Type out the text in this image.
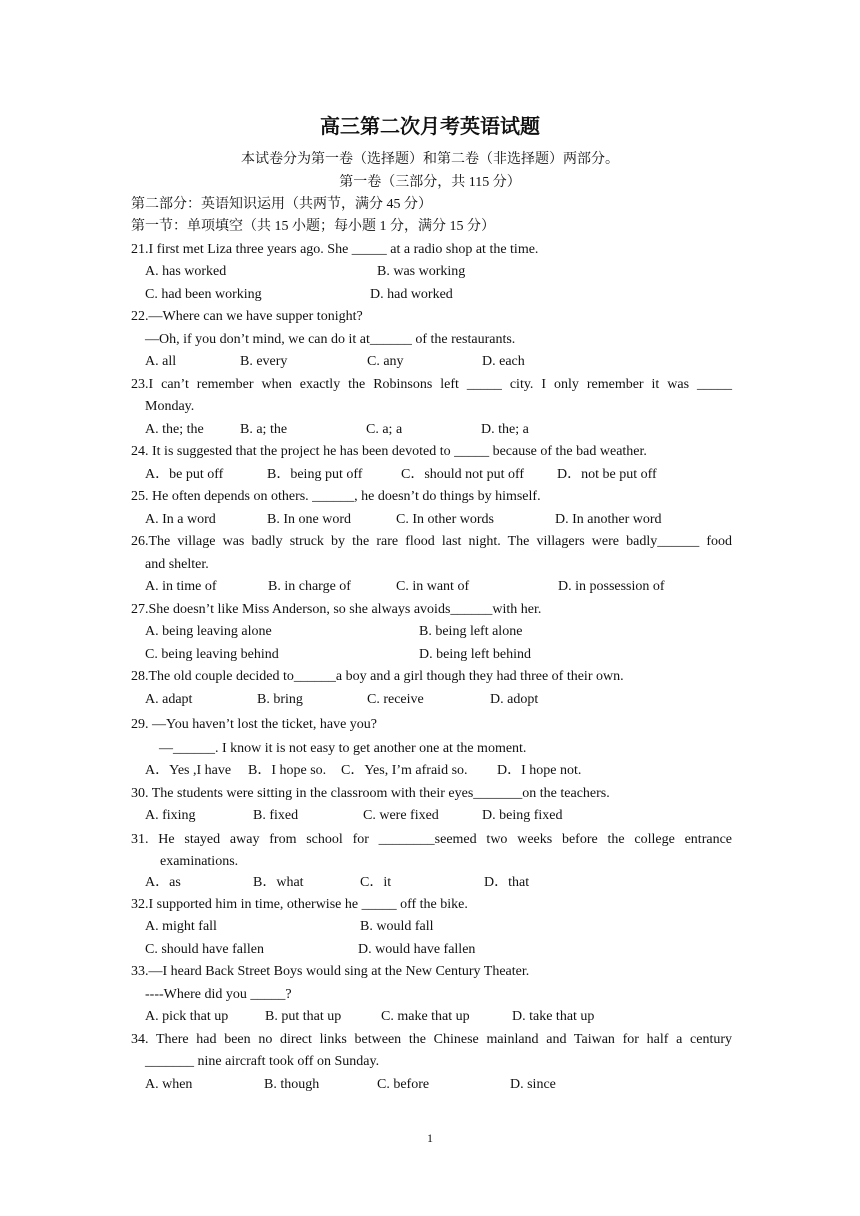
高三第二次月考英语试题
本试卷分为第一卷（选择题）和第二卷（非选择题）两部分。
第一卷（三部分，共 115 分）
第二部分：英语知识运用（共两节，满分 45 分）
第一节：单项填空（共 15 小题；每小题 1 分，满分 15 分）
21.I first met Liza three years ago. She _____ at a radio shop at the time.
A. has worked	B. was working
C. had been working	D. had worked
22.—Where can we have supper tonight?
—Oh, if you don’t mind, we can do it at______ of the restaurants.
A. all	B. every	C. any	D. each
23.I can’t remember when exactly the Robinsons left _____ city. I only remember it was _____
Monday.
A. the; the	B. a; the	C. a; a	D. the; a
24. It is suggested that the project he has been devoted to _____ because of the bad weather.
A．be put off	B．being put off	C．should not put off D．not be put off
25. He often depends on others. ______, he doesn’t do things by himself.
A. In a word	B. In one word	C. In other words	D. In another word
26.The village was badly struck by the rare flood last night. The villagers were badly______ food
and shelter.
A. in time of	B. in charge of	C. in want of	D. in possession of
27.She doesn’t like Miss Anderson, so she always avoids______with her.
A. being leaving alone	B. being left alone
C. being leaving behind	D. being left behind
28.The old couple decided to______a boy and a girl though they had three of their own.
A. adapt	B. bring	C. receive	D. adopt
29. —You haven’t lost the ticket, have you?
—______. I know it is not easy to get another one at the moment.
A．Yes ,I have B．I hope so. C．Yes, I’m afraid so. D．I hope not.
30. The students were sitting in the classroom with their eyes_______on the teachers.
A. fixing	B. fixed	C. were fixed	D. being fixed
31. He stayed away from school for ________seemed two weeks before the college entrance
examinations.
A．as	B．what	C．it	D．that
32.I supported him in time, otherwise he _____ off the bike.
A. might fall	B. would fall
C. should have fallen	D. would have fallen
33.—I heard Back Street Boys would sing at the New Century Theater.
----Where did you _____?
A. pick that up	B. put that up	C. make that up	D. take that up
34. There had been no direct links between the Chinese mainland and Taiwan for half a century
_______ nine aircraft took off on Sunday.
A. when	B. though	C. before	D. since
1
